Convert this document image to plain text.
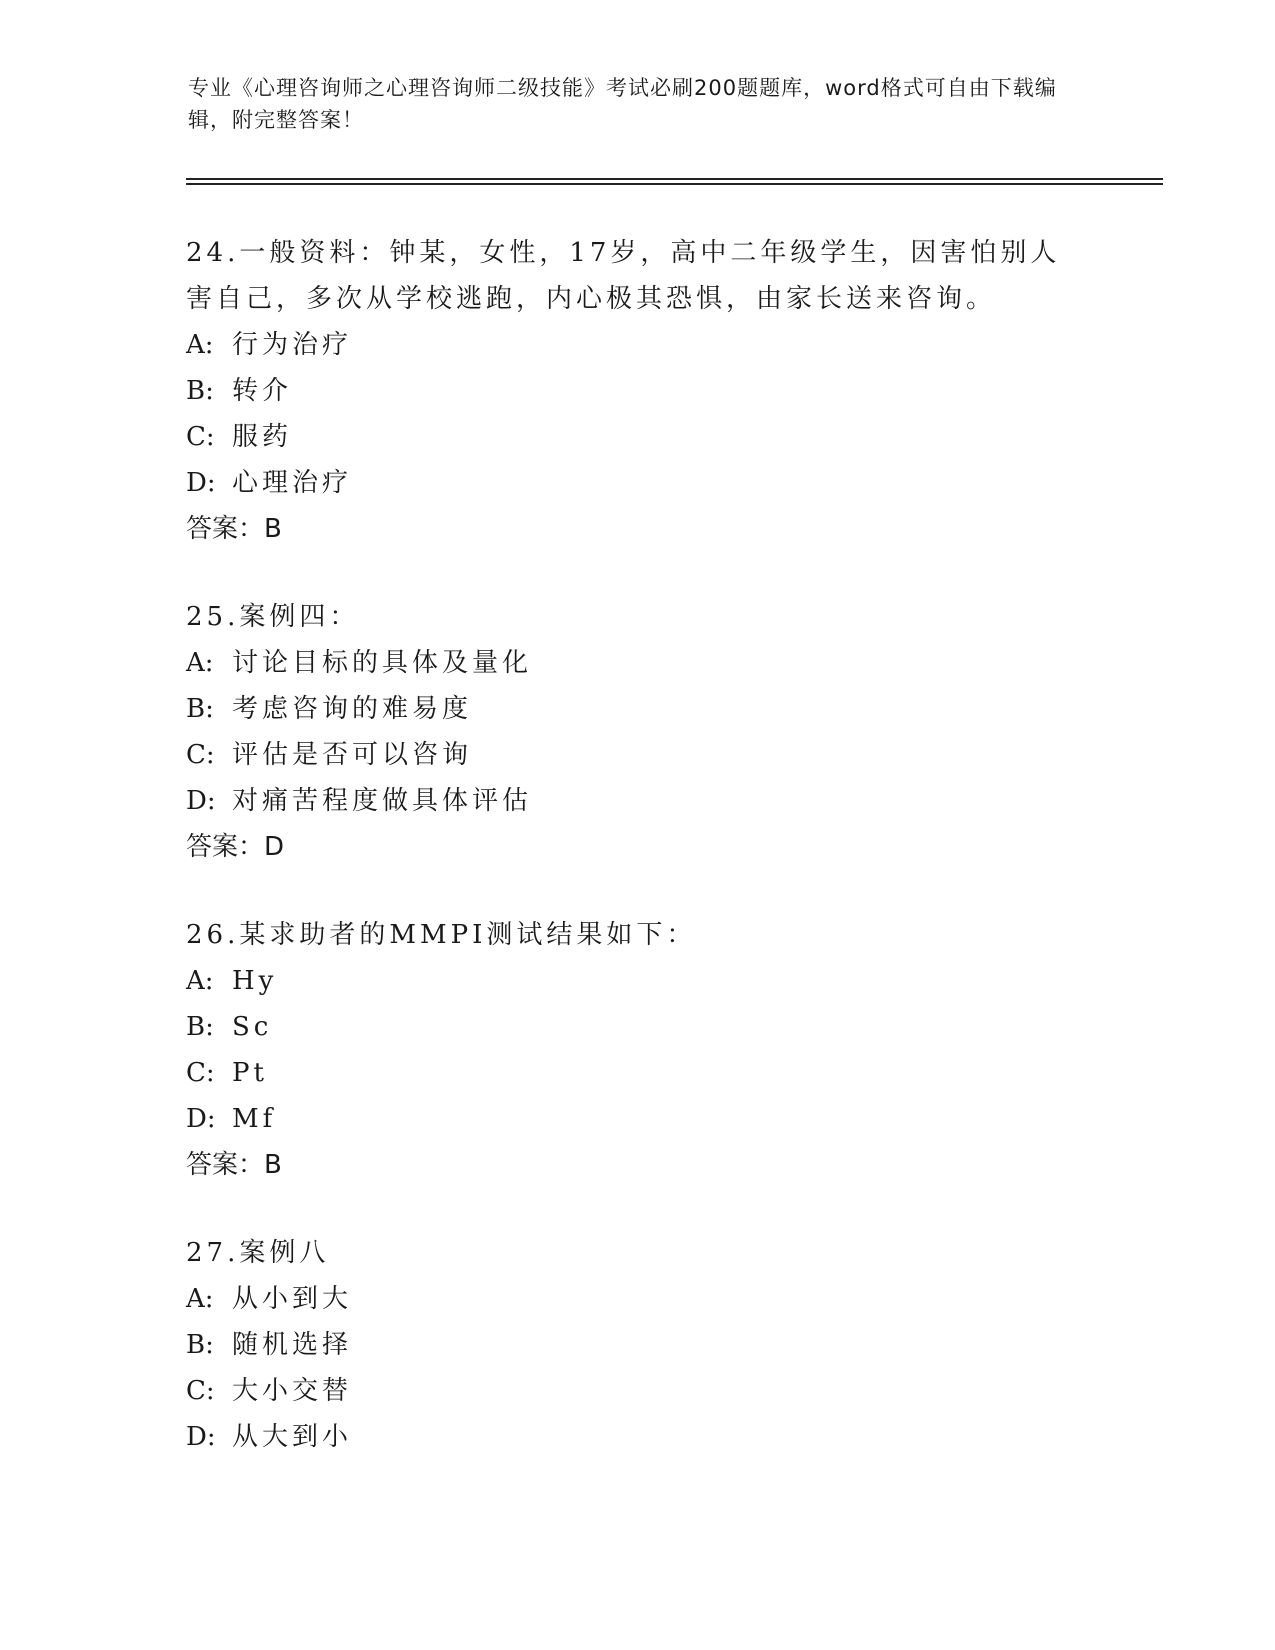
专业《心理咨询师之心理咨询师二级技能》考试必刷200题题库，word格式可自由下载编辑，附完整答案！

24.一般资料：钟某，女性，17岁，高中二年级学生，因害怕别人害自己，多次从学校逃跑，内心极其恐惧，由家长送来咨询。

A: 行为治疗

B: 转介

C: 服药

D: 心理治疗

答案：B

25.案例四：

A: 讨论目标的具体及量化

B: 考虑咨询的难易度

C: 评估是否可以咨询

D: 对痛苦程度做具体评估

答案：D

26.某求助者的MMPI测试结果如下：

A: Hy

B: Sc

C: Pt

D: Mf

答案：B

27.案例八

A: 从小到大

B: 随机选择

C: 大小交替

D: 从大到小
